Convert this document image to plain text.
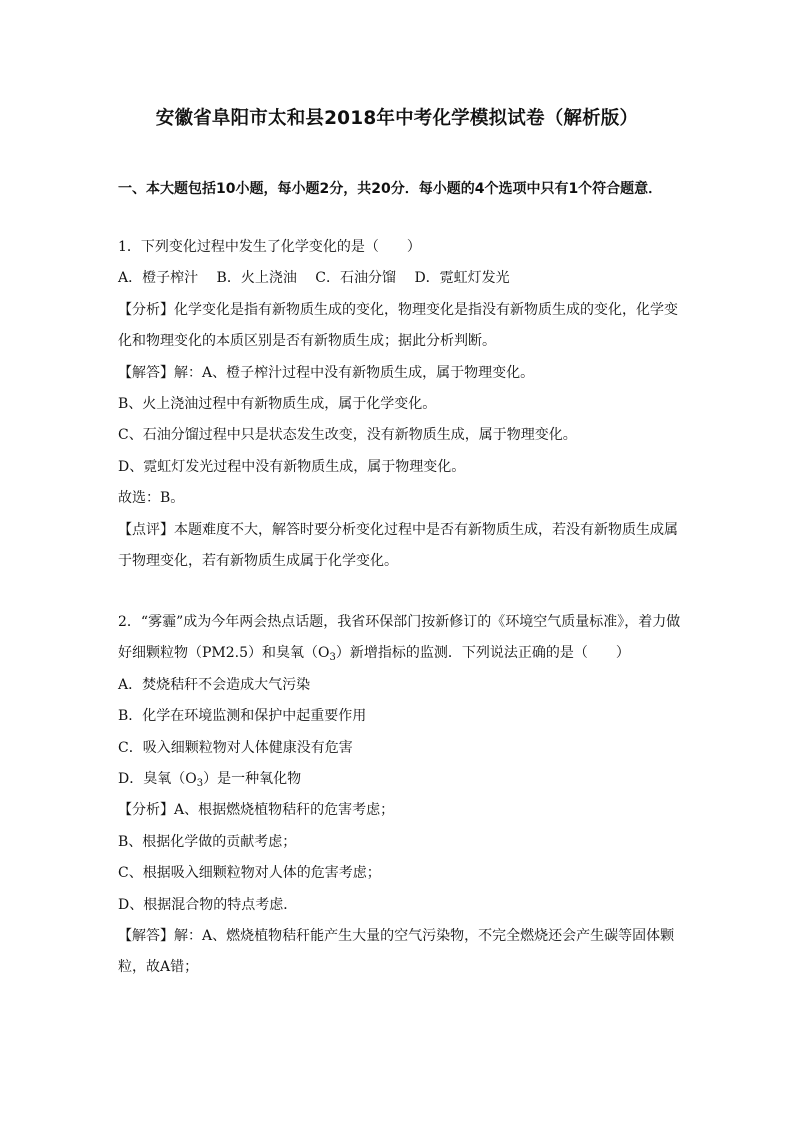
安徽省阜阳市太和县2018年中考化学模拟试卷（解析版）
一、本大题包括10小题，每小题2分，共20分．每小题的4个选项中只有1个符合题意．

1．下列变化过程中发生了化学变化的是（　　）

A．橙子榨汁　 B．火上浇油　 C．石油分馏　 D．霓虹灯发光

【分析】化学变化是指有新物质生成的变化，物理变化是指没有新物质生成的变化，化学变化和物理变化的本质区别是否有新物质生成；据此分析判断。

【解答】解：A、橙子榨汁过程中没有新物质生成，属于物理变化。

B、火上浇油过程中有新物质生成，属于化学变化。

C、石油分馏过程中只是状态发生改变，没有新物质生成，属于物理变化。

D、霓虹灯发光过程中没有新物质生成，属于物理变化。

故选：B。

【点评】本题难度不大，解答时要分析变化过程中是否有新物质生成，若没有新物质生成属于物理变化，若有新物质生成属于化学变化。

2．“雾霾”成为今年两会热点话题，我省环保部门按新修订的《环境空气质量标准》，着力做好细颗粒物（PM2.5）和臭氧$(O_3)$新增指标的监测．下列说法正确的是（　　）

A．焚烧秸秆不会造成大气污染

B．化学在环境监测和保护中起重要作用

C．吸入细颗粒物对人体健康没有危害

D．臭氧$(O_3)$是一种氧化物

【分析】A、根据燃烧植物秸秆的危害考虑；

B、根据化学做的贡献考虑；

C、根据吸入细颗粒物对人体的危害考虑；

D、根据混合物的特点考虑．

【解答】解：A、燃烧植物秸秆能产生大量的空气污染物，不完全燃烧还会产生碳等固体颗粒，故A错；
